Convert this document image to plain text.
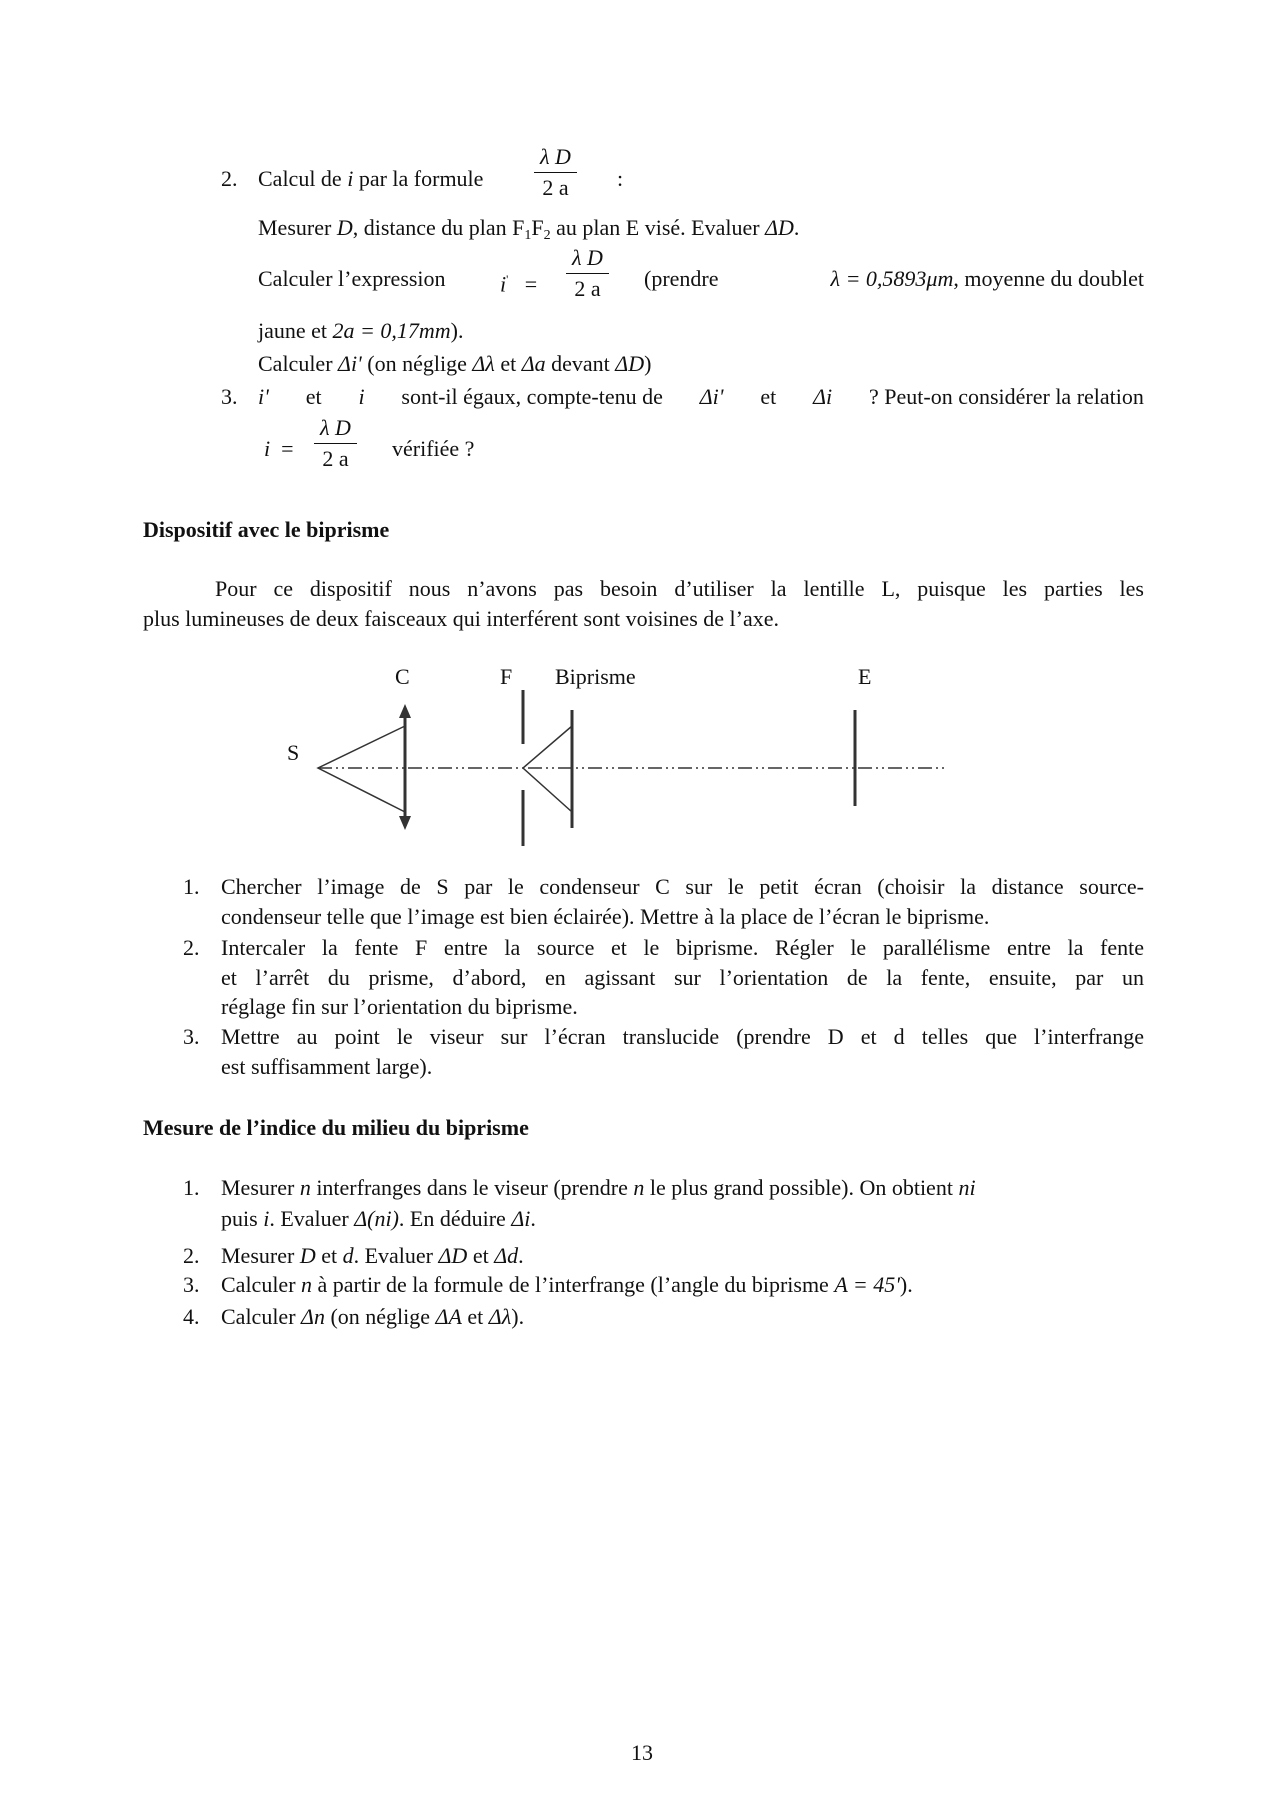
2. Calcul de i par la formule $\frac{\text{λ D}}{2 a}$ :
Mesurer D, distance du plan $F_1F_2$ au plan E visé. Evaluer ΔD.
Calculer l’expression $i' = \frac{\text{λ D}}{2 a}$ (prendre	λ = 0,5893μm, moyenne du doublet
jaune et 2a = 0,17mm).
Calculer Δi' (on néglige Δλ et Δa devant ΔD)
3. i' et i sont-il égaux, compte-tenu de Δi' et Δi ? Peut-on considérer la relation
$i = \frac{\text{λ D}}{2 a}$ vérifiée ?
Dispositif avec le biprisme
Pour ce dispositif nous n’avons pas besoin d’utiliser la lentille L, puisque les parties les
plus lumineuses de deux faisceaux qui interférent sont voisines de l’axe.
S
C	F Biprisme	E
1. Chercher l’image de S par le condenseur C sur le petit écran (choisir la distance source-
condenseur telle que l’image est bien éclairée). Mettre à la place de l’écran le biprisme.
2. Intercaler la fente F entre la source et le biprisme. Régler le parallélisme entre la fente
et l’arrêt du prisme, d’abord, en agissant sur l’orientation de la fente, ensuite, par un
réglage fin sur l’orientation du biprisme.
3. Mettre au point le viseur sur l’écran translucide (prendre D et d telles que l’interfrange
est suffisamment large).
Mesure de l’indice du milieu du biprisme
1. Mesurer n interfranges dans le viseur (prendre n le plus grand possible). On obtient ni
puis i. Evaluer Δ(ni). En déduire Δi.
2. Mesurer D et d. Evaluer ΔD et Δd.
3. Calculer n à partir de la formule de l’interfrange (l’angle du biprisme A = 45').
4. Calculer Δn (on néglige ΔA et Δλ).
13
